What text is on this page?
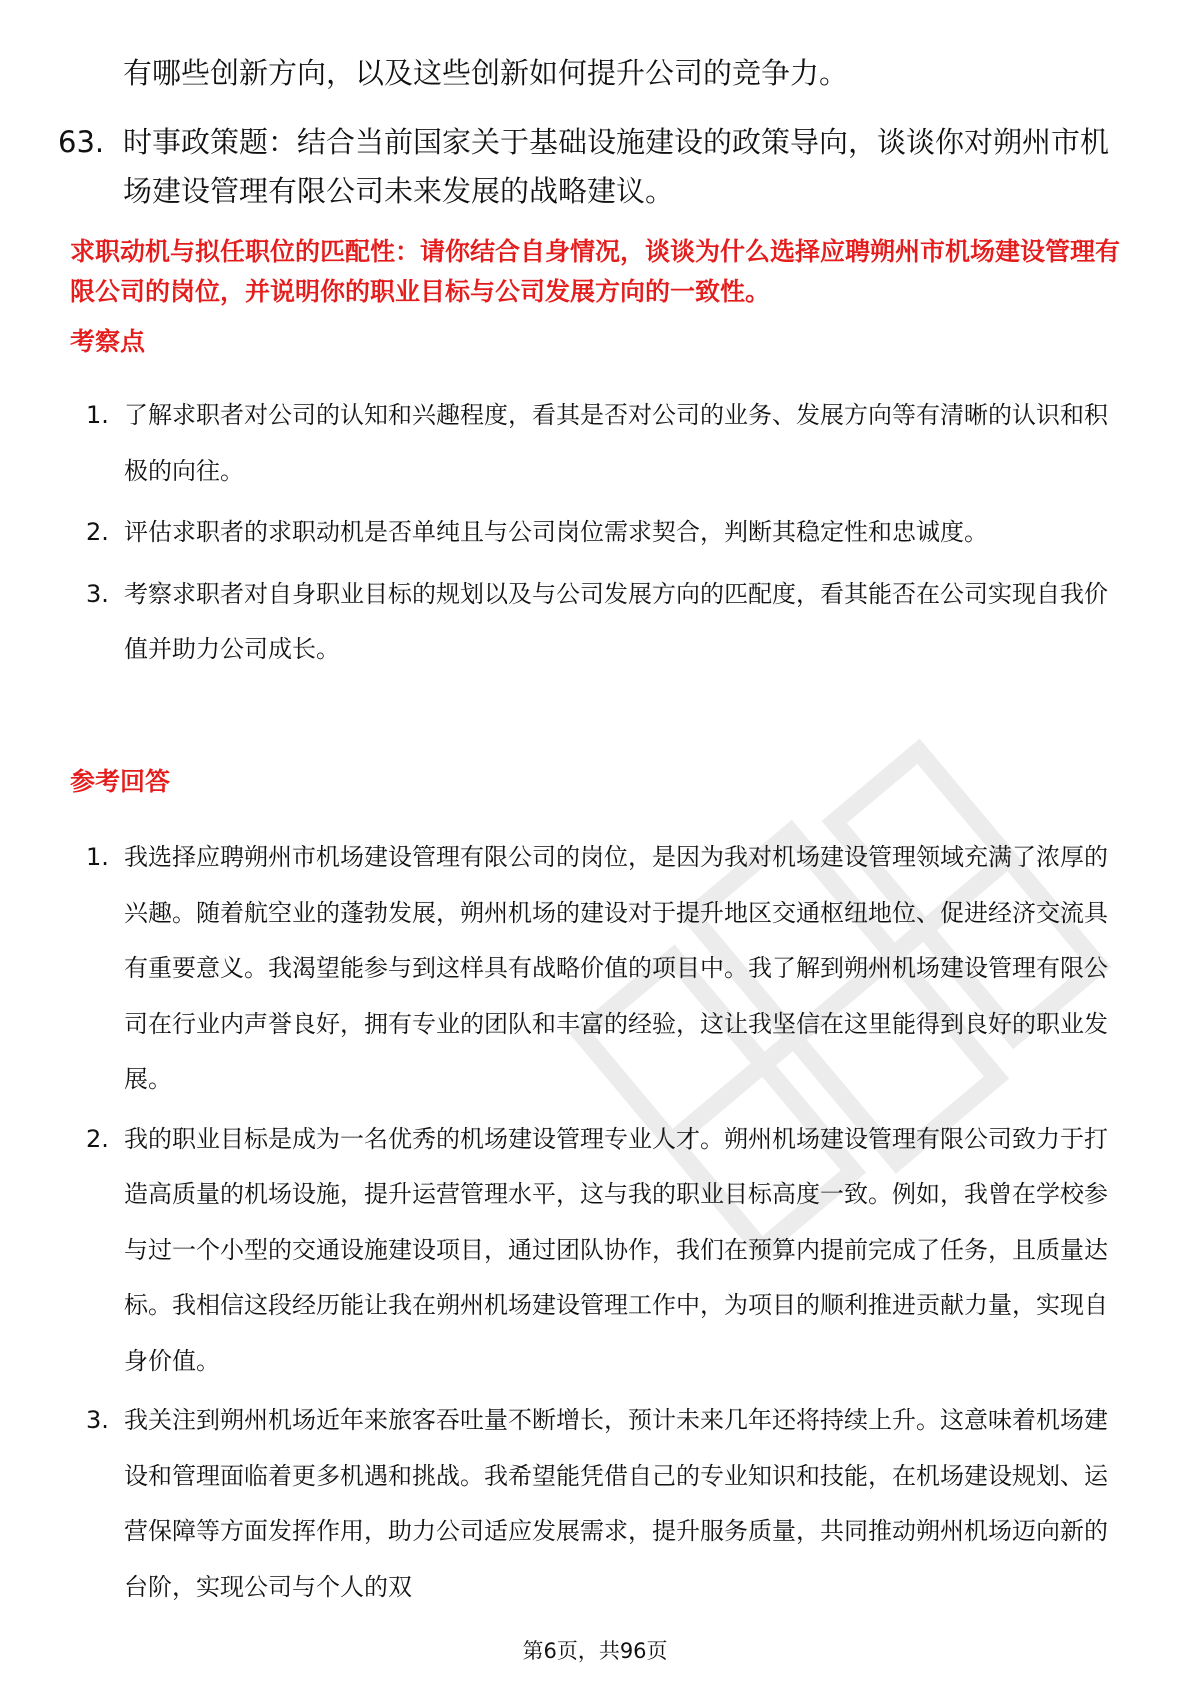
有哪些创新方向，以及这些创新如何提升公司的竞争力。
63. 时事政策题：结合当前国家关于基础设施建设的政策导向，谈谈你对朔州市机场建设管理有限公司未来发展的战略建议。
求职动机与拟任职位的匹配性：请你结合自身情况，谈谈为什么选择应聘朔州市机场建设管理有限公司的岗位，并说明你的职业目标与公司发展方向的一致性。
考察点
1. 了解求职者对公司的认知和兴趣程度，看其是否对公司的业务、发展方向等有清晰的认识和积极的向往。
2. 评估求职者的求职动机是否单纯且与公司岗位需求契合，判断其稳定性和忠诚度。
3. 考察求职者对自身职业目标的规划以及与公司发展方向的匹配度，看其能否在公司实现自我价值并助力公司成长。
参考回答
1. 我选择应聘朔州市机场建设管理有限公司的岗位，是因为我对机场建设管理领域充满了浓厚的兴趣。随着航空业的蓬勃发展，朔州机场的建设对于提升地区交通枢纽地位、促进经济交流具有重要意义。我渴望能参与到这样具有战略价值的项目中。我了解到朔州机场建设管理有限公司在行业内声誉良好，拥有专业的团队和丰富的经验，这让我坚信在这里能得到良好的职业发展。
2. 我的职业目标是成为一名优秀的机场建设管理专业人才。朔州机场建设管理有限公司致力于打造高质量的机场设施，提升运营管理水平，这与我的职业目标高度一致。例如，我曾在学校参与过一个小型的交通设施建设项目，通过团队协作，我们在预算内提前完成了任务，且质量达标。我相信这段经历能让我在朔州机场建设管理工作中，为项目的顺利推进贡献力量，实现自身价值。
3. 我关注到朔州机场近年来旅客吞吐量不断增长，预计未来几年还将持续上升。这意味着机场建设和管理面临着更多机遇和挑战。我希望能凭借自己的专业知识和技能，在机场建设规划、运营保障等方面发挥作用，助力公司适应发展需求，提升服务质量，共同推动朔州机场迈向新的台阶，实现公司与个人的双
第6页，共96页
